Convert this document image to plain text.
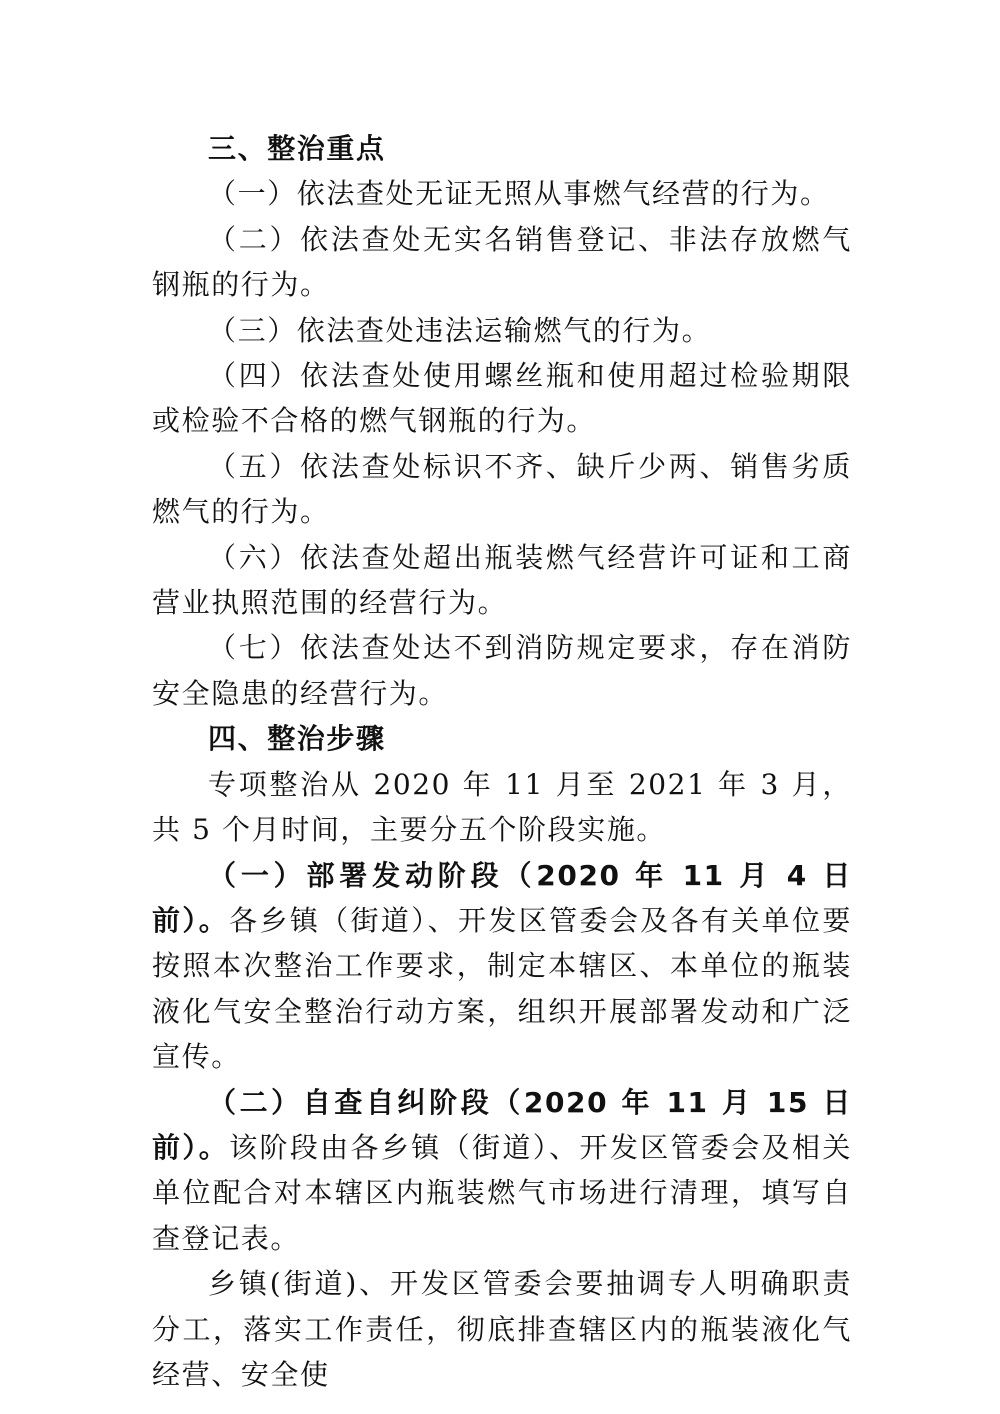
三、整治重点

（一）依法查处无证无照从事燃气经营的行为。

（二）依法查处无实名销售登记、非法存放燃气钢瓶的行为。

（三）依法查处违法运输燃气的行为。

（四）依法查处使用螺丝瓶和使用超过检验期限或检验不合格的燃气钢瓶的行为。

（五）依法查处标识不齐、缺斤少两、销售劣质燃气的行为。

（六）依法查处超出瓶装燃气经营许可证和工商营业执照范围的经营行为。

（七）依法查处达不到消防规定要求，存在消防安全隐患的经营行为。

四、整治步骤

专项整治从 2020 年 11 月至 2021 年 3 月，共 5 个月时间，主要分五个阶段实施。

（一）部署发动阶段（2020 年 11 月 4 日前）。各乡镇（街道）、开发区管委会及各有关单位要按照本次整治工作要求，制定本辖区、本单位的瓶装液化气安全整治行动方案，组织开展部署发动和广泛宣传。

（二）自查自纠阶段（2020 年 11 月 15 日前）。该阶段由各乡镇（街道）、开发区管委会及相关单位配合对本辖区内瓶装燃气市场进行清理，填写自查登记表。

乡镇(街道)、开发区管委会要抽调专人明确职责分工，落实工作责任，彻底排查辖区内的瓶装液化气经营、安全使
